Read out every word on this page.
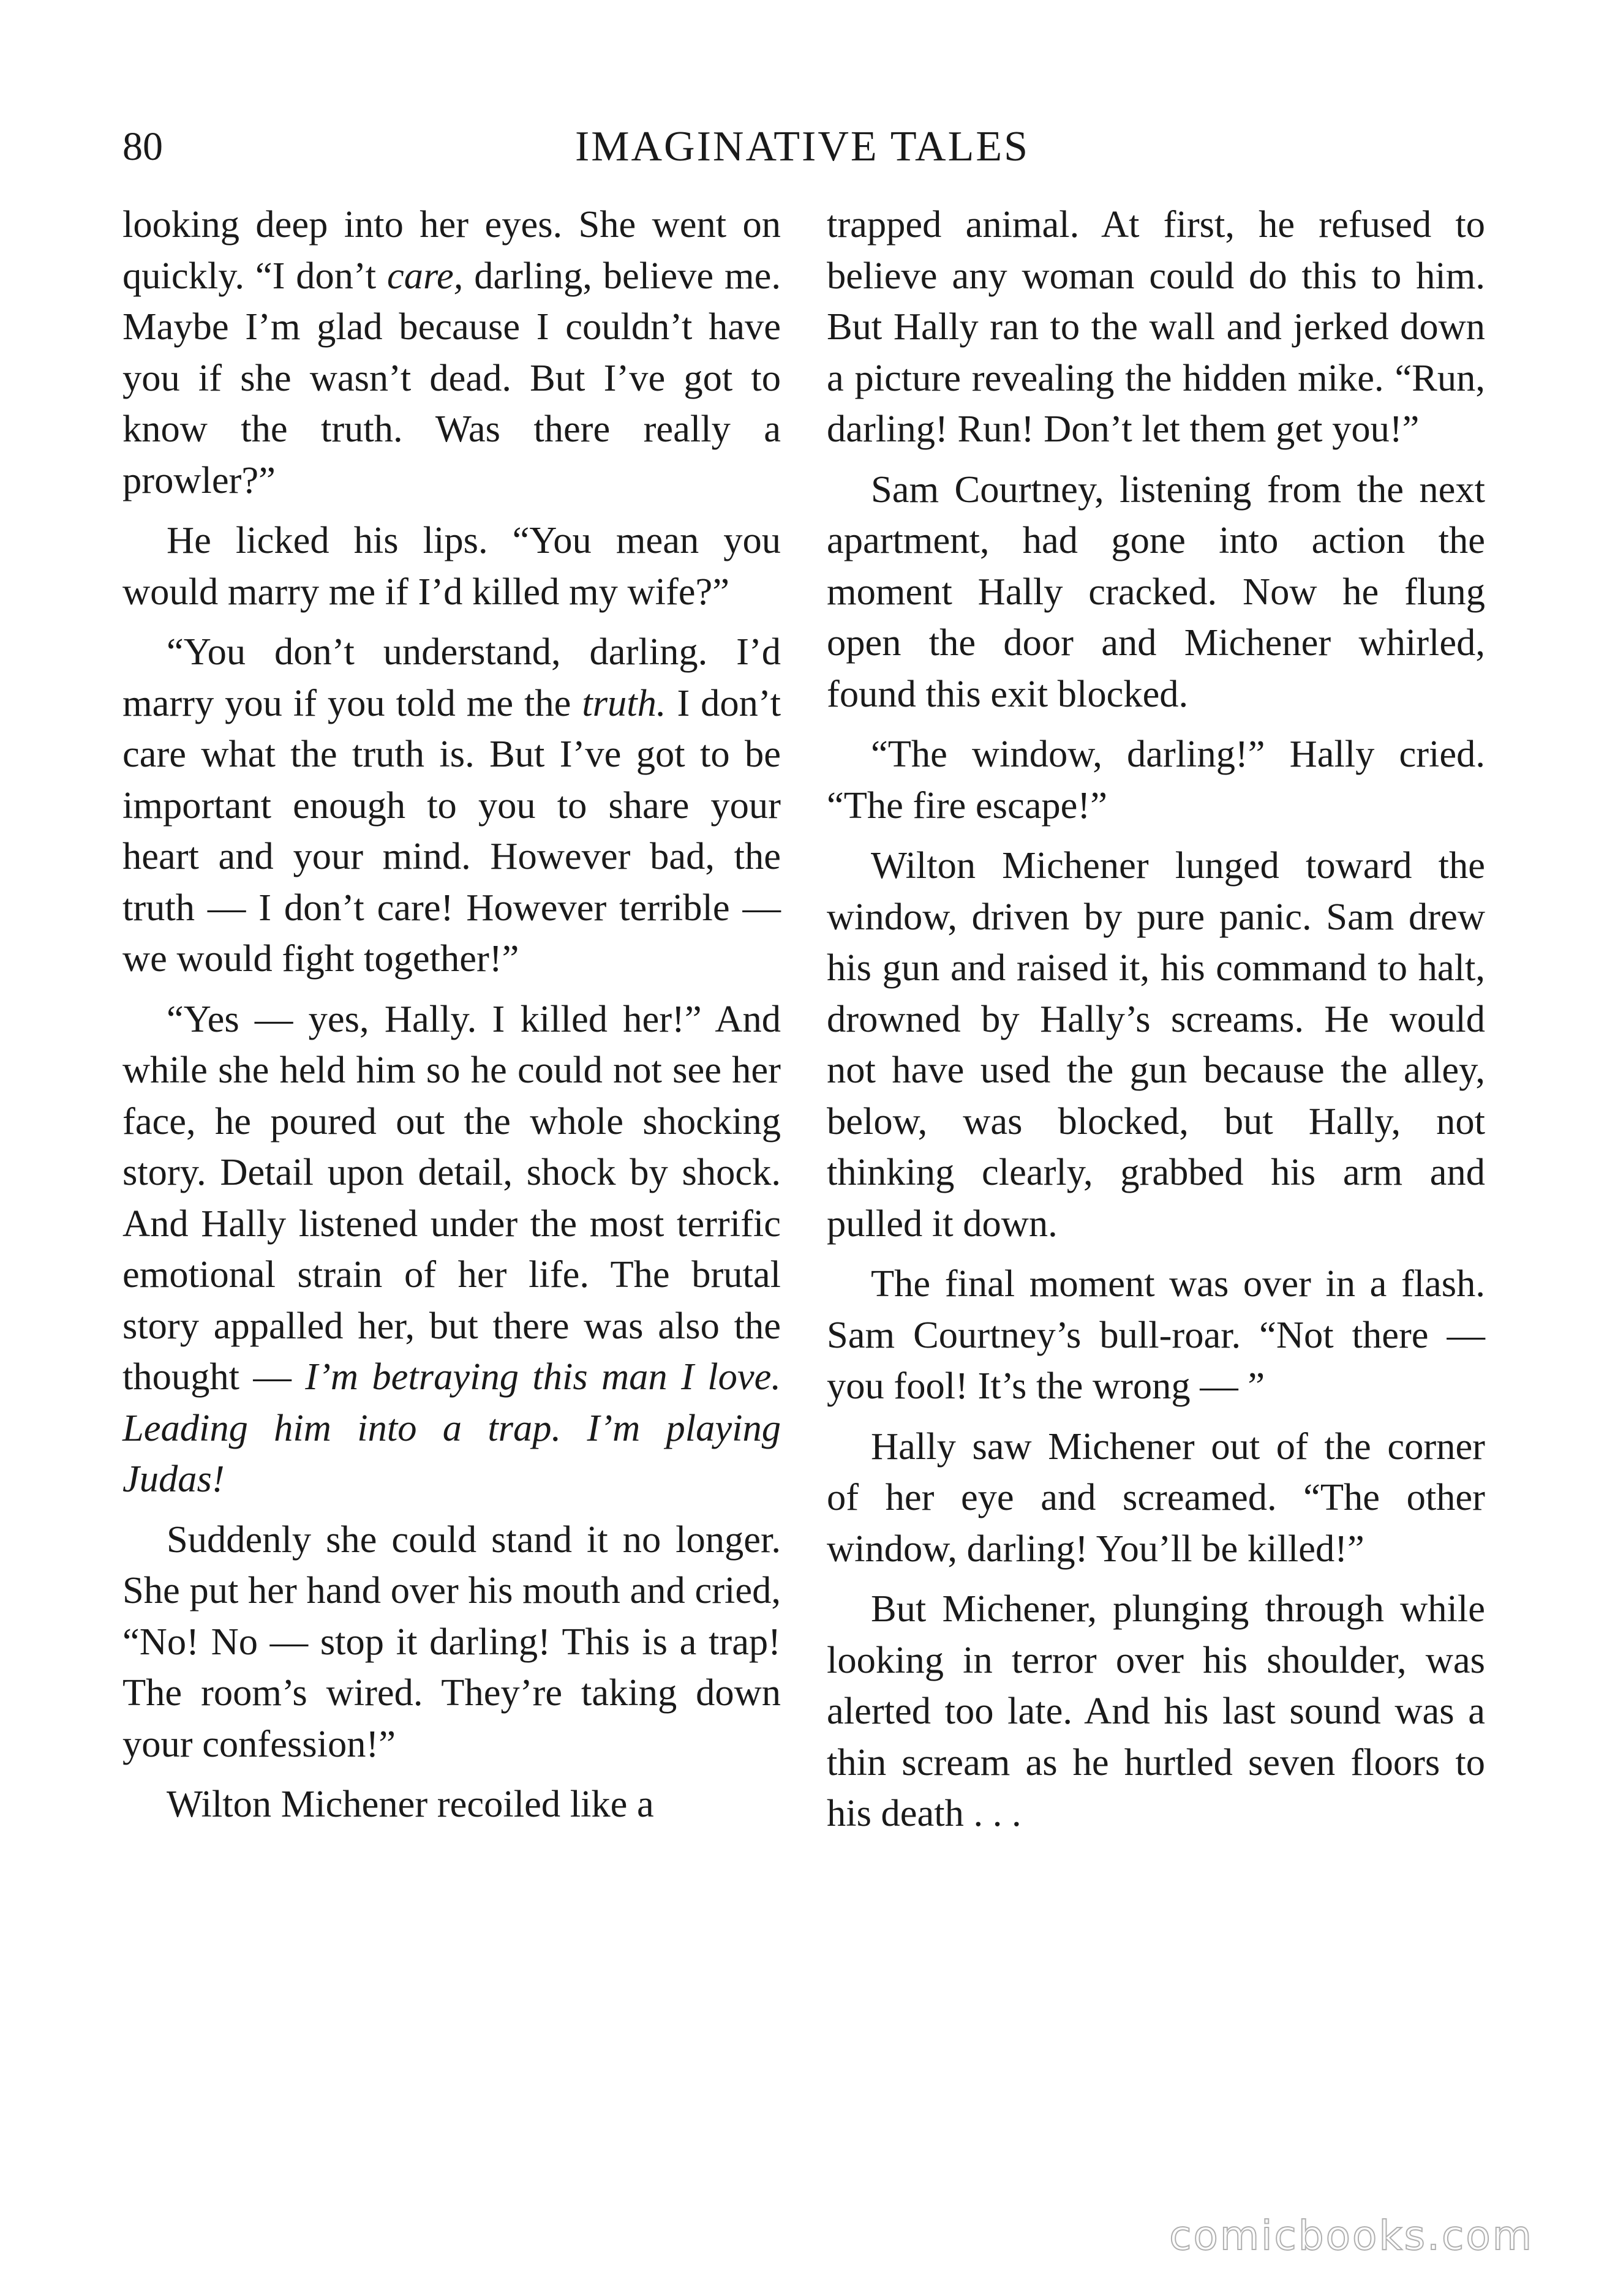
80	IMAGINATIVE TALES

looking deep into her eyes. She went on quickly. “I don’t care, darling, believe me. Maybe I’m glad because I couldn’t have you if she wasn’t dead. But I’ve got to know the truth. Was there really a prowler?”

He licked his lips. “You mean you would marry me if I’d killed my wife?”

“You don’t understand, darling. I’d marry you if you told me the truth. I don’t care what the truth is. But I’ve got to be important enough to you to share your heart and your mind. However bad, the truth — I don’t care! However terrible — we would fight together!”

“Yes — yes, Hally. I killed her!” And while she held him so he could not see her face, he poured out the whole shocking story. Detail upon detail, shock by shock. And Hally listened under the most terrific emotional strain of her life. The brutal story appalled her, but there was also the thought — I’m betraying this man I love. Leading him into a trap. I’m playing Judas!

Suddenly she could stand it no longer. She put her hand over his mouth and cried, “No! No — stop it darling! This is a trap! The room’s wired. They’re taking down your confession!”

Wilton Michener recoiled like a

trapped animal. At first, he refused to believe any woman could do this to him. But Hally ran to the wall and jerked down a picture revealing the hidden mike. “Run, darling! Run! Don’t let them get you!”

Sam Courtney, listening from the next apartment, had gone into action the moment Hally cracked. Now he flung open the door and Michener whirled, found this exit blocked.

“The window, darling!” Hally cried. “The fire escape!”

Wilton Michener lunged toward the window, driven by pure panic. Sam drew his gun and raised it, his command to halt, drowned by Hally’s screams. He would not have used the gun because the alley, below, was blocked, but Hally, not thinking clearly, grabbed his arm and pulled it down.

The final moment was over in a flash. Sam Courtney’s bull-roar. “Not there — you fool! It’s the wrong — ”

Hally saw Michener out of the corner of her eye and screamed. “The other window, darling! You’ll be killed!”

But Michener, plunging through while looking in terror over his shoulder, was alerted too late. And his last sound was a thin scream as he hurtled seven floors to his death . . .

comicbooks.com
